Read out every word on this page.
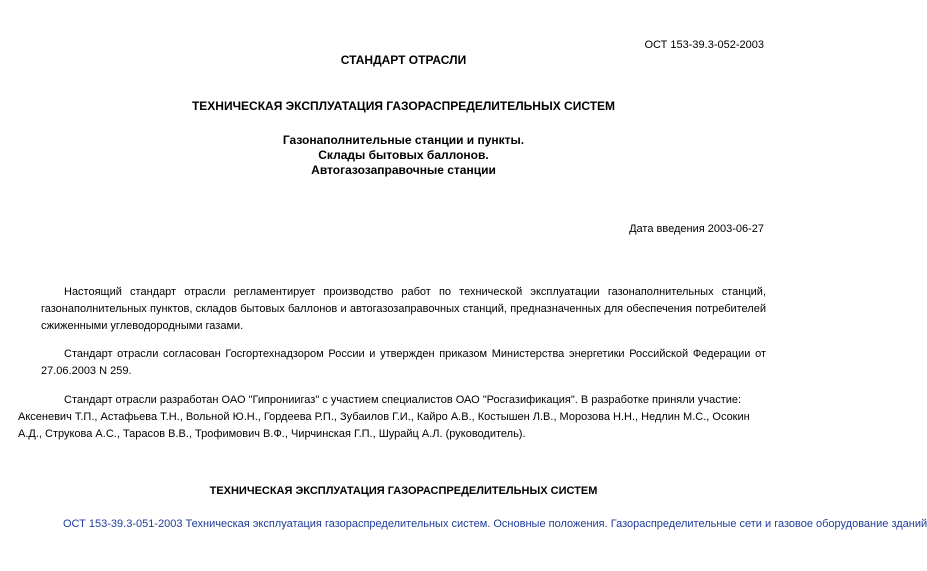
ОСТ 153-39.3-052-2003
СТАНДАРТ ОТРАСЛИ
ТЕХНИЧЕСКАЯ ЭКСПЛУАТАЦИЯ ГАЗОРАСПРЕДЕЛИТЕЛЬНЫХ СИСТЕМ
Газонаполнительные станции и пункты.
Склады бытовых баллонов.
Автогазозаправочные станции
Дата введения 2003-06-27

Настоящий стандарт отрасли регламентирует производство работ по технической эксплуатации газонаполнительных станций, газонаполнительных пунктов, складов бытовых баллонов и автогазозаправочных станций, предназначенных для обеспечения потребителей сжиженными углеводородными газами.

Стандарт отрасли согласован Госгортехнадзором России и утвержден приказом Министерства энергетики Российской Федерации от 27.06.2003 N 259.

Стандарт отрасли разработан ОАО "Гипрониигаз" с участием специалистов ОАО "Росгазификация". В разработке приняли участие:
Аксеневич Т.П., Астафьева Т.Н., Вольной Ю.Н., Гордеева Р.П., Зубаилов Г.И., Кайро А.В., Костышен Л.В., Морозова Н.Н., Недлин М.С., Осокин
А.Д., Струкова А.С., Тарасов В.В., Трофимович В.Ф., Чирчинская Г.П., Шурайц А.Л. (руководитель).
ТЕХНИЧЕСКАЯ ЭКСПЛУАТАЦИЯ ГАЗОРАСПРЕДЕЛИТЕЛЬНЫХ СИСТЕМ
ОСТ 153-39.3-051-2003 Техническая эксплуатация газораспределительных систем. Основные положения. Газораспределительные сети и газовое оборудование зданий
